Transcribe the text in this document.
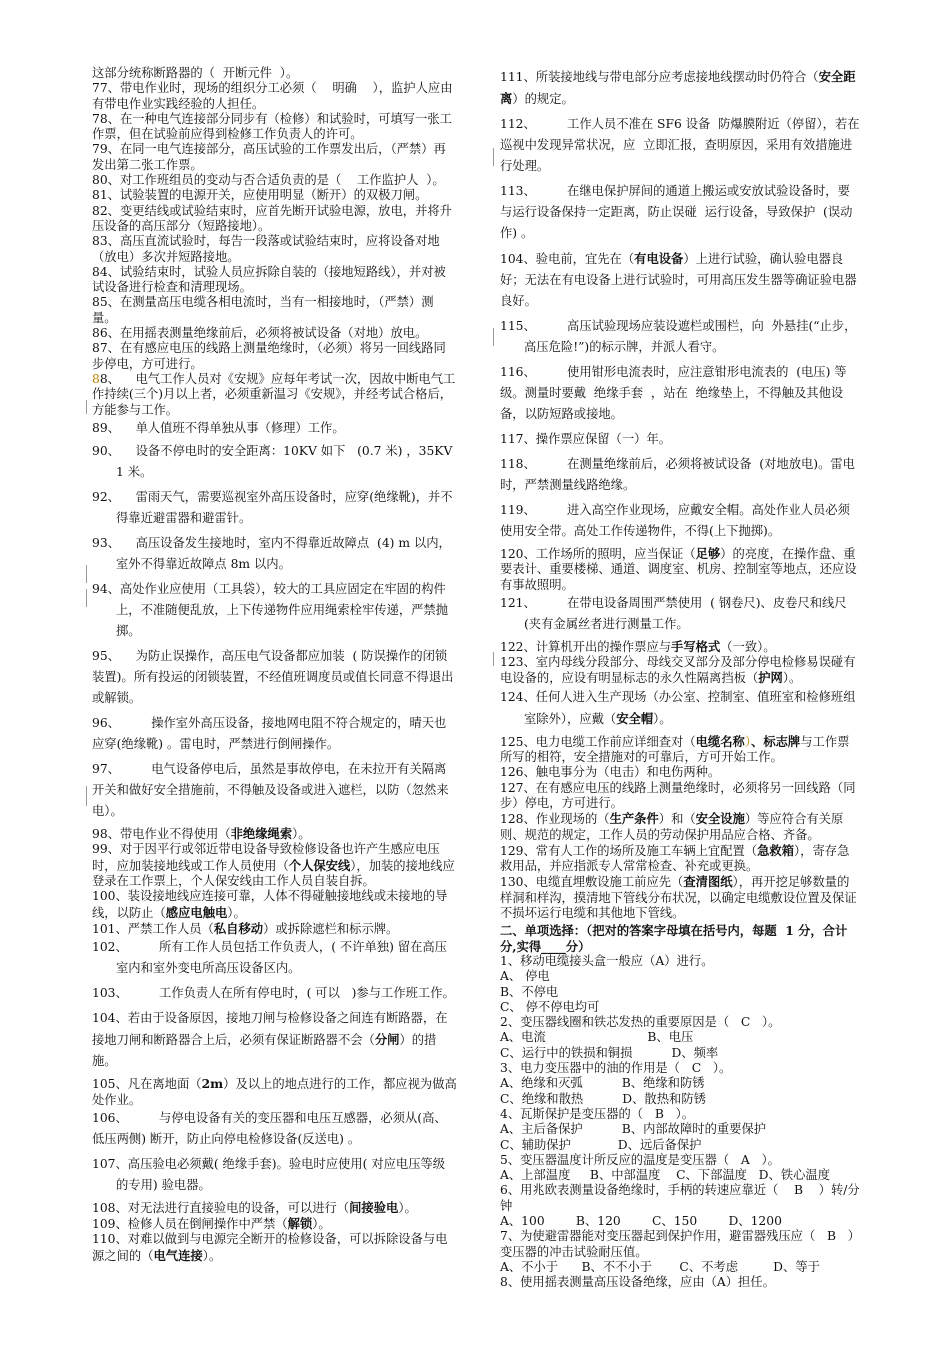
这部分统称断路器的（  开断元件  ）。

77、带电作业时，现场的组织分工必须（    明确    ），监护人应由有带电作业实践经验的人担任。

78、在一种电气连接部分同步有（检修）和试验时，可填写一张工作票，但在试验前应得到检修工作负责人的许可。

79、在同一电气连接部分，高压试验的工作票发出后，（严禁）再发出第二张工作票。

80、对工作班组员的变动与否合适负责的是（    工作监护人  ）。

81、试验装置的电源开关，应使用明显（断开）的双极刀闸。

82、变更结线或试验结束时，应首先断开试验电源，放电，并将升压设备的高压部分（短路接地）。

83、高压直流试验时，每告一段落或试验结束时，应将设备对地（放电）多次并短路接地。

84、试验结束时，试验人员应拆除自装的（接地短路线），并对被试设备进行检查和清理现场。

85、在测量高压电缆各相电流时，当有一相接地时，（严禁）测量。

86、在用摇表测量绝缘前后，必须将被试设备（对地）放电。

87、在有感应电压的线路上测量绝缘时，（必须）将另一回线路同步停电，方可进行。

88、    电气工作人员对《安规》应每年考试一次，因故中断电气工作持续(三个)月以上者，必须重新温习《安规》，并经考试合格后，方能参与工作。

89、    单人值班不得单独从事（修理）工作。

90、    设备不停电时的安全距离：10KV 如下   (0.7 米) ，35KV 1 米。

92、    雷雨天气，需要巡视室外高压设备时，应穿(绝缘靴)，并不得靠近避雷器和避雷针。

93、    高压设备发生接地时，室内不得靠近故障点  (4) m 以内，室外不得靠近故障点 8m 以内。

94、高处作业应使用（工具袋），较大的工具应固定在牢固的构件上，不准随便乱放，上下传递物件应用绳索栓牢传递，严禁抛掷。

95、    为防止误操作，高压电气设备都应加装  ( 防误操作的闭锁装置)。所有投运的闭锁装置，不经值班调度员或值长同意不得退出或解锁。

96、        操作室外高压设备，接地网电阻不符合规定的，晴天也应穿(绝缘靴) 。雷电时，严禁进行倒闸操作。

97、        电气设备停电后，虽然是事故停电，在未拉开有关隔离开关和做好安全措施前，不得触及设备或进入遮栏，以防（忽然来电）。

98、带电作业不得使用（非绝缘绳索）。

99、对于因平行或邻近带电设备导致检修设备也许产生感应电压时，应加装接地线或工作人员使用（个人保安线），加装的接地线应登录在工作票上，个人保安线由工作人员自装自拆。

100、装设接地线应连接可靠，人体不得碰触接地线或未接地的导线，以防止（感应电触电）。

101、严禁工作人员（私自移动）或拆除遮栏和标示牌。

102、        所有工作人员包括工作负责人，( 不许单独) 留在高压室内和室外变电所高压设备区内。

103、        工作负责人在所有停电时，( 可以   )参与工作班工作。

104、若由于设备原因，接地刀闸与检修设备之间连有断路器，在接地刀闸和断路器合上后，必须有保证断路器不会（分闸）的措施。

105、凡在离地面（2m）及以上的地点进行的工作，都应视为做高处作业。

106、        与停电设备有关的变压器和电压互感器，必须从(高、低压两侧) 断开，防止向停电检修设备(反送电) 。

107、高压验电必须戴( 绝缘手套)。验电时应使用( 对应电压等级的专用) 验电器。

108、对无法进行直接验电的设备，可以进行（间接验电）。

109、检修人员在倒闸操作中严禁（解锁）。

110、对难以做到与电源完全断开的检修设备，可以拆除设备与电源之间的（电气连接）。

111、所装接地线与带电部分应考虑接地线摆动时仍符合（安全距离）的规定。

112、        工作人员不准在 SF6 设备  防爆膜附近（停留），若在巡视中发现异常状况，应  立即汇报，查明原因，采用有效措施进行处理。

113、        在继电保护屏间的通道上搬运或安放试验设备时，要与运行设备保持一定距离，防止误碰  运行设备，导致保护  (误动作) 。

104、验电前，宜先在（有电设备）上进行试验，确认验电器良好；无法在有电设备上进行试验时，可用高压发生器等确证验电器良好。

115、        高压试验现场应装设遮栏或围栏，向  外悬挂(“止步，高压危险!”)的标示牌，并派人看守。

116、        使用钳形电流表时，应注意钳形电流表的  (电压) 等级。测量时要戴  绝缘手套  ，站在  绝缘垫上，不得触及其他设备，以防短路或接地。

117、操作票应保留（一）年。

118、        在测量绝缘前后，必须将被试设备  (对地放电)。雷电时，严禁测量线路绝缘。

119、        进入高空作业现场，应戴安全帽。高处作业人员必须使用安全带。高处工作传递物件，不得(上下抛掷)。

120、工作场所的照明，应当保证（足够）的亮度，在操作盘、重要表计、重要楼梯、通道、调度室、机房、控制室等地点，还应设有事故照明。

121、        在带电设备周围严禁使用  ( 钢卷尺)、皮卷尺和线尺 (夹有金属丝者进行测量工作。

122、计算机开出的操作票应与手写格式（一致）。

123、室内母线分段部分、母线交叉部分及部分停电检修易误碰有电设备的，应设有明显标志的永久性隔离挡板（护网）。

124、任何人进入生产现场（办公室、控制室、值班室和检修班组室除外），应戴（安全帽）。

125、电力电缆工作前应详细查对（电缆名称）、标志牌与工作票所写的相符，安全措施对的可靠后，方可开始工作。

126、触电事分为（电击）和电伤两种。

127、在有感应电压的线路上测量绝缘时，必须将另一回线路（同步）停电，方可进行。

128、作业现场的（生产条件）和（安全设施）等应符合有关原则、规范的规定，工作人员的劳动保护用品应合格、齐备。

129、常有人工作的场所及施工车辆上宜配置（急救箱），寄存急救用品，并应指派专人常常检查、补充或更换。

130、电缆直埋敷设施工前应先（查清图纸），再开挖足够数量的样洞和样沟，摸清地下管线分布状况，以确定电缆敷设位置及保证不损坏运行电缆和其他地下管线。

二、单项选择：（把对的答案字母填在括号内，每题  1 分，合计      分,实得____分）

1、移动电缆接头盒一般应（A）进行。

A、 停电

B、不停电

C、 停不停电均可

2、变压器线圈和铁芯发热的重要原因是（   C   ）。

A、电流                          B、电压

C、运行中的铁损和铜损          D、频率

3、电力变压器中的油的作用是（   C   ）。

A、绝缘和灭弧          B、绝缘和防锈

C、绝缘和散热          D、散热和防锈

4、瓦斯保护是变压器的（   B   ）。

A、主后备保护          B、内部故障时的重要保护

C、辅助保护            D、远后备保护

5、变压器温度计所反应的温度是变压器（   A   ）。

A、上部温度     B、中部温度    C、下部温度   D、铁心温度

6、用兆欧表测量设备绝缘时，手柄的转速应靠近（    B    ）转/分钟

A、100        B、120        C、150        D、1200

7、为使避雷器能对变压器起到保护作用，避雷器残压应（   B   ）变压器的冲击试验耐压值。

A、不小于      B、不不小于       C、不考虑         D、等于

8、使用摇表测量高压设备绝缘，应由（A）担任。
